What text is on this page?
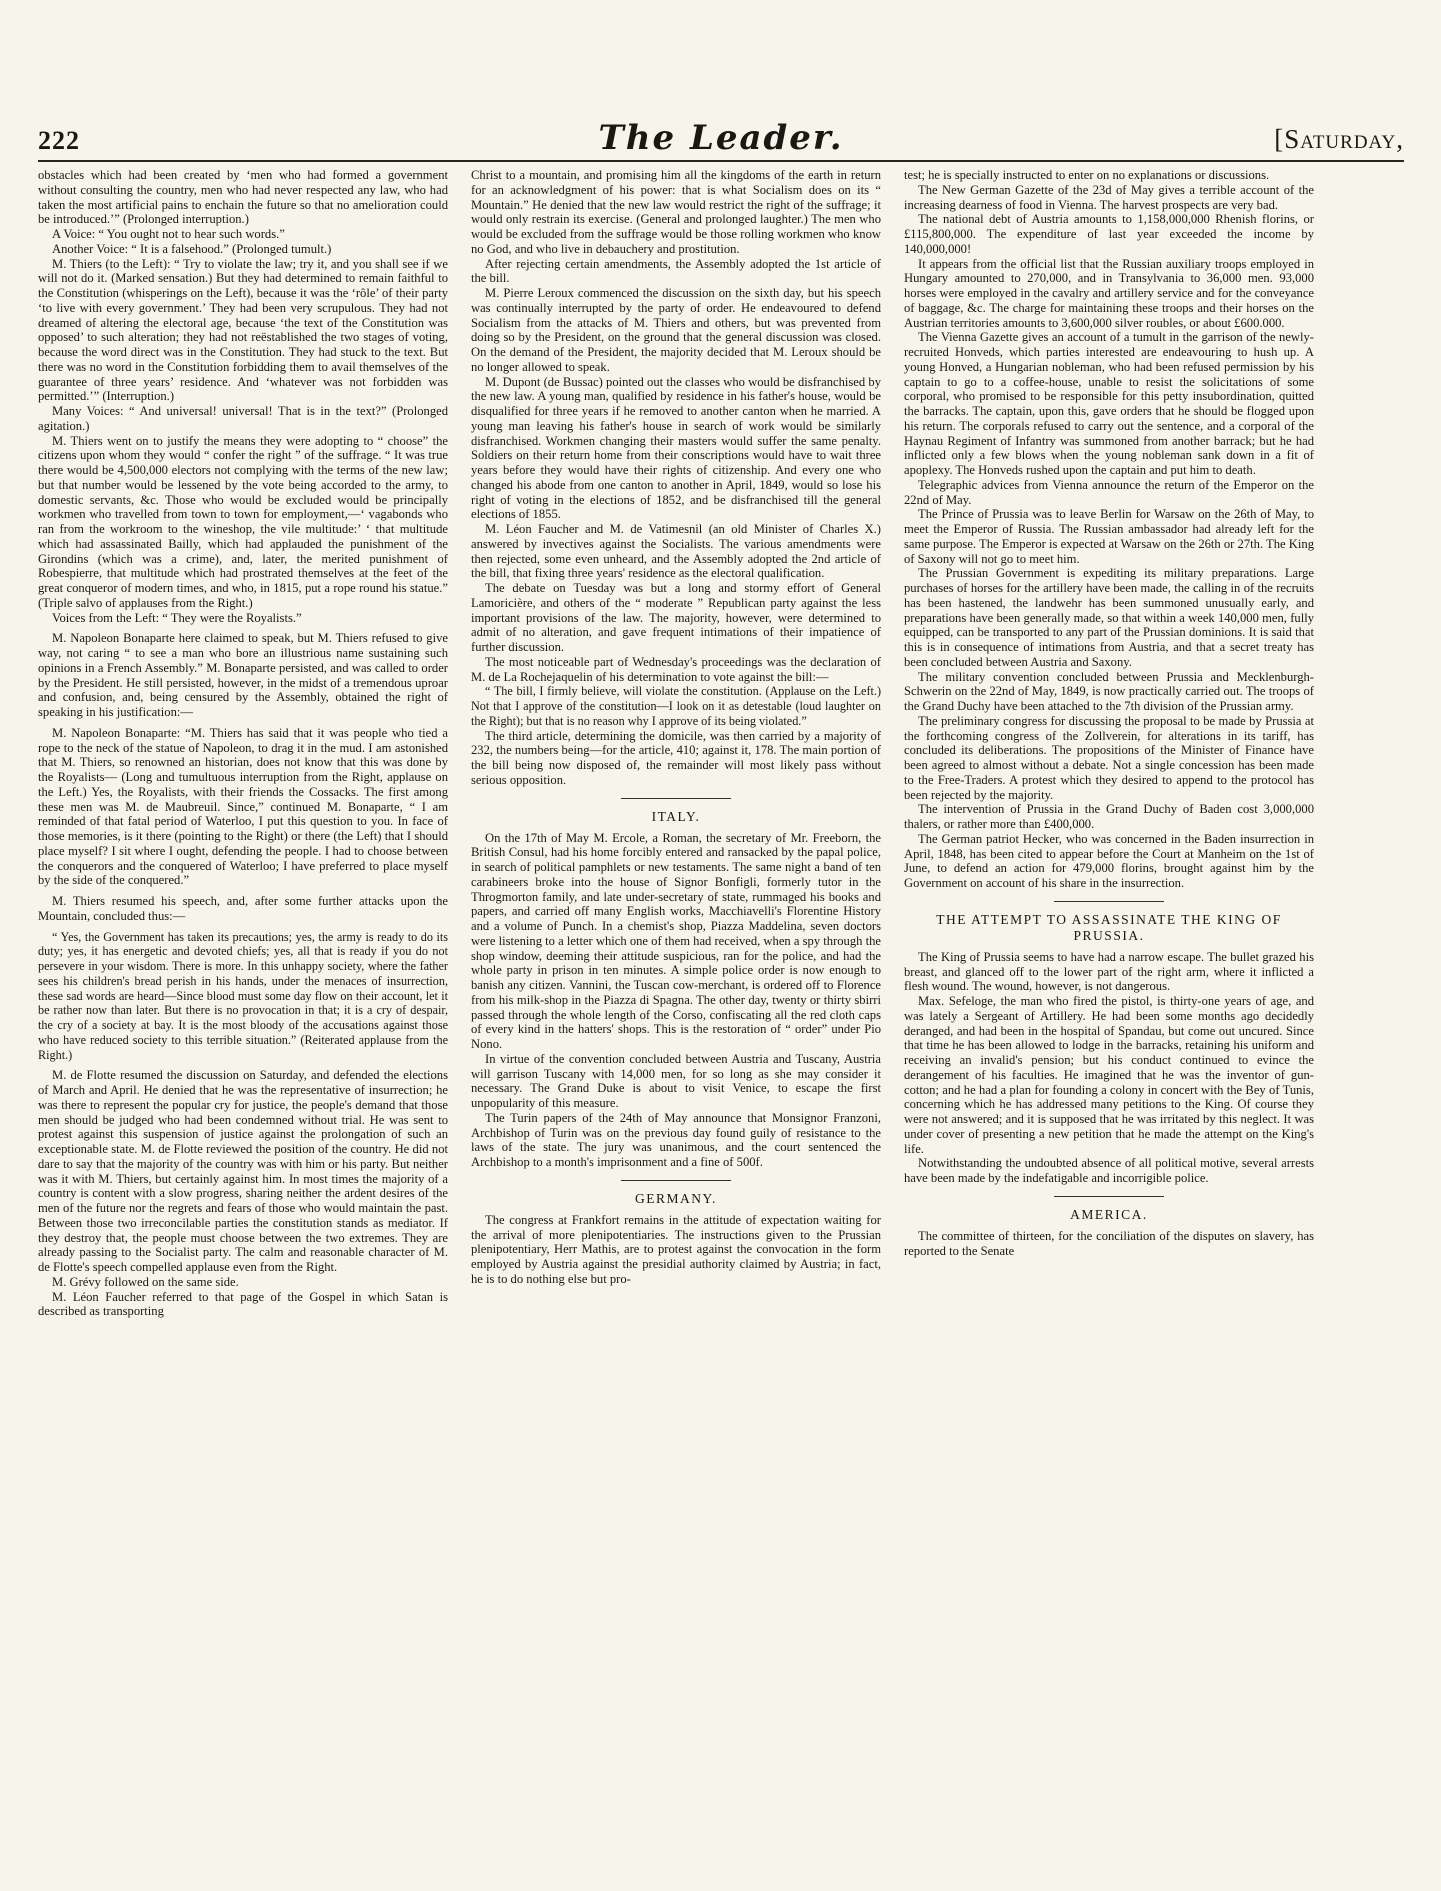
222	The Leader.	[Saturday,

obstacles which had been created by ‘men who had formed a government without consulting the country, men who had never respected any law, who had taken the most artificial pains to enchain the future so that no amelioration could be introduced.’” (Prolonged interruption.)

A Voice: “ You ought not to hear such words.”

Another Voice: “ It is a falsehood.” (Prolonged tumult.)

M. Thiers (to the Left): “ Try to violate the law; try it, and you shall see if we will not do it. (Marked sensation.) But they had determined to remain faithful to the Constitution (whisperings on the Left), because it was the ‘rôle’ of their party ‘to live with every government.’ They had been very scrupulous. They had not dreamed of altering the electoral age, because ‘the text of the Constitution was opposed’ to such alteration; they had not reëstablished the two stages of voting, because the word direct was in the Constitution. They had stuck to the text. But there was no word in the Constitution forbidding them to avail themselves of the guarantee of three years’ residence. And ‘whatever was not forbidden was permitted.’” (Interruption.)

Many Voices: “ And universal! universal! That is in the text?” (Prolonged agitation.)

M. Thiers went on to justify the means they were adopting to “ choose” the citizens upon whom they would “ confer the right ” of the suffrage. “ It was true there would be 4,500,000 electors not complying with the terms of the new law; but that number would be lessened by the vote being accorded to the army, to domestic servants, &c. Those who would be excluded would be principally workmen who travelled from town to town for employment,—‘ vagabonds who ran from the workroom to the wineshop, the vile multitude:’ ‘ that multitude which had assassinated Bailly, which had applauded the punishment of the Girondins (which was a crime), and, later, the merited punishment of Robespierre, that multitude which had prostrated themselves at the feet of the great conqueror of modern times, and who, in 1815, put a rope round his statue.” (Triple salvo of applauses from the Right.)

Voices from the Left: “ They were the Royalists.”

M. Napoleon Bonaparte here claimed to speak, but M. Thiers refused to give way, not caring “ to see a man who bore an illustrious name sustaining such opinions in a French Assembly.” M. Bonaparte persisted, and was called to order by the President. He still persisted, however, in the midst of a tremendous uproar and confusion, and, being censured by the Assembly, obtained the right of speaking in his justification:—

M. Napoleon Bonaparte: “M. Thiers has said that it was people who tied a rope to the neck of the statue of Napoleon, to drag it in the mud. I am astonished that M. Thiers, so renowned an historian, does not know that this was done by the Royalists— (Long and tumultuous interruption from the Right, applause on the Left.) Yes, the Royalists, with their friends the Cossacks. The first among these men was M. de Maubreuil. Since,” continued M. Bonaparte, “ I am reminded of that fatal period of Waterloo, I put this question to you. In face of those memories, is it there (pointing to the Right) or there (the Left) that I should place myself? I sit where I ought, defending the people. I had to choose between the conquerors and the conquered of Waterloo; I have preferred to place myself by the side of the conquered.”

M. Thiers resumed his speech, and, after some further attacks upon the Mountain, concluded thus:—

“ Yes, the Government has taken its precautions; yes, the army is ready to do its duty; yes, it has energetic and devoted chiefs; yes, all that is ready if you do not persevere in your wisdom. There is more. In this unhappy society, where the father sees his children's bread perish in his hands, under the menaces of insurrection, these sad words are heard—Since blood must some day flow on their account, let it be rather now than later. But there is no provocation in that; it is a cry of despair, the cry of a society at bay. It is the most bloody of the accusations against those who have reduced society to this terrible situation.” (Reiterated applause from the Right.)

M. de Flotte resumed the discussion on Saturday, and defended the elections of March and April. He denied that he was the representative of insurrection; he was there to represent the popular cry for justice, the people's demand that those men should be judged who had been condemned without trial. He was sent to protest against this suspension of justice against the prolongation of such an exceptionable state. M. de Flotte reviewed the position of the country. He did not dare to say that the majority of the country was with him or his party. But neither was it with M. Thiers, but certainly against him. In most times the majority of a country is content with a slow progress, sharing neither the ardent desires of the men of the future nor the regrets and fears of those who would maintain the past. Between those two irreconcilable parties the constitution stands as mediator. If they destroy that, the people must choose between the two extremes. They are already passing to the Socialist party. The calm and reasonable character of M. de Flotte's speech compelled applause even from the Right.

M. Grévy followed on the same side.

M. Léon Faucher referred to that page of the Gospel in which Satan is described as transporting

Christ to a mountain, and promising him all the kingdoms of the earth in return for an acknowledgment of his power: that is what Socialism does on its “ Mountain.” He denied that the new law would restrict the right of the suffrage; it would only restrain its exercise. (General and prolonged laughter.) The men who would be excluded from the suffrage would be those rolling workmen who know no God, and who live in debauchery and prostitution.

After rejecting certain amendments, the Assembly adopted the 1st article of the bill.

M. Pierre Leroux commenced the discussion on the sixth day, but his speech was continually interrupted by the party of order. He endeavoured to defend Socialism from the attacks of M. Thiers and others, but was prevented from doing so by the President, on the ground that the general discussion was closed. On the demand of the President, the majority decided that M. Leroux should be no longer allowed to speak.

M. Dupont (de Bussac) pointed out the classes who would be disfranchised by the new law. A young man, qualified by residence in his father's house, would be disqualified for three years if he removed to another canton when he married. A young man leaving his father's house in search of work would be similarly disfranchised. Workmen changing their masters would suffer the same penalty. Soldiers on their return home from their conscriptions would have to wait three years before they would have their rights of citizenship. And every one who changed his abode from one canton to another in April, 1849, would so lose his right of voting in the elections of 1852, and be disfranchised till the general elections of 1855.

M. Léon Faucher and M. de Vatimesnil (an old Minister of Charles X.) answered by invectives against the Socialists. The various amendments were then rejected, some even unheard, and the Assembly adopted the 2nd article of the bill, that fixing three years' residence as the electoral qualification.

The debate on Tuesday was but a long and stormy effort of General Lamoricière, and others of the “ moderate ” Republican party against the less important provisions of the law. The majority, however, were determined to admit of no alteration, and gave frequent intimations of their impatience of further discussion.

The most noticeable part of Wednesday's proceedings was the declaration of M. de La Rochejaquelin of his determination to vote against the bill:—

“ The bill, I firmly believe, will violate the constitution. (Applause on the Left.) Not that I approve of the constitution—I look on it as detestable (loud laughter on the Right); but that is no reason why I approve of its being violated.”

The third article, determining the domicile, was then carried by a majority of 232, the numbers being—for the article, 410; against it, 178. The main portion of the bill being now disposed of, the remainder will most likely pass without serious opposition.

ITALY.

On the 17th of May M. Ercole, a Roman, the secretary of Mr. Freeborn, the British Consul, had his home forcibly entered and ransacked by the papal police, in search of political pamphlets or new testaments. The same night a band of ten carabineers broke into the house of Signor Bonfigli, formerly tutor in the Throgmorton family, and late under-secretary of state, rummaged his books and papers, and carried off many English works, Macchiavelli's Florentine History and a volume of Punch. In a chemist's shop, Piazza Maddelina, seven doctors were listening to a letter which one of them had received, when a spy through the shop window, deeming their attitude suspicious, ran for the police, and had the whole party in prison in ten minutes. A simple police order is now enough to banish any citizen. Vannini, the Tuscan cow-merchant, is ordered off to Florence from his milk-shop in the Piazza di Spagna. The other day, twenty or thirty sbirri passed through the whole length of the Corso, confiscating all the red cloth caps of every kind in the hatters' shops. This is the restoration of “ order” under Pio Nono.

In virtue of the convention concluded between Austria and Tuscany, Austria will garrison Tuscany with 14,000 men, for so long as she may consider it necessary. The Grand Duke is about to visit Venice, to escape the first unpopularity of this measure.

The Turin papers of the 24th of May announce that Monsignor Franzoni, Archbishop of Turin was on the previous day found guily of resistance to the laws of the state. The jury was unanimous, and the court sentenced the Archbishop to a month's imprisonment and a fine of 500f.

GERMANY.

The congress at Frankfort remains in the attitude of expectation waiting for the arrival of more plenipotentiaries. The instructions given to the Prussian plenipotentiary, Herr Mathis, are to protest against the convocation in the form employed by Austria against the presidial authority claimed by Austria; in fact, he is to do nothing else but pro-

test; he is specially instructed to enter on no explanations or discussions.

The New German Gazette of the 23d of May gives a terrible account of the increasing dearness of food in Vienna. The harvest prospects are very bad.

The national debt of Austria amounts to 1,158,000,000 Rhenish florins, or £115,800,000. The expenditure of last year exceeded the income by 140,000,000!

It appears from the official list that the Russian auxiliary troops employed in Hungary amounted to 270,000, and in Transylvania to 36,000 men. 93,000 horses were employed in the cavalry and artillery service and for the conveyance of baggage, &c. The charge for maintaining these troops and their horses on the Austrian territories amounts to 3,600,000 silver roubles, or about £600.000.

The Vienna Gazette gives an account of a tumult in the garrison of the newly-recruited Honveds, which parties interested are endeavouring to hush up. A young Honved, a Hungarian nobleman, who had been refused permission by his captain to go to a coffee-house, unable to resist the solicitations of some corporal, who promised to be responsible for this petty insubordination, quitted the barracks. The captain, upon this, gave orders that he should be flogged upon his return. The corporals refused to carry out the sentence, and a corporal of the Haynau Regiment of Infantry was summoned from another barrack; but he had inflicted only a few blows when the young nobleman sank down in a fit of apoplexy. The Honveds rushed upon the captain and put him to death.

Telegraphic advices from Vienna announce the return of the Emperor on the 22nd of May.

The Prince of Prussia was to leave Berlin for Warsaw on the 26th of May, to meet the Emperor of Russia. The Russian ambassador had already left for the same purpose. The Emperor is expected at Warsaw on the 26th or 27th. The King of Saxony will not go to meet him.

The Prussian Government is expediting its military preparations. Large purchases of horses for the artillery have been made, the calling in of the recruits has been hastened, the landwehr has been summoned unusually early, and preparations have been generally made, so that within a week 140,000 men, fully equipped, can be transported to any part of the Prussian dominions. It is said that this is in consequence of intimations from Austria, and that a secret treaty has been concluded between Austria and Saxony.

The military convention concluded between Prussia and Mecklenburgh-Schwerin on the 22nd of May, 1849, is now practically carried out. The troops of the Grand Duchy have been attached to the 7th division of the Prussian army.

The preliminary congress for discussing the proposal to be made by Prussia at the forthcoming congress of the Zollverein, for alterations in its tariff, has concluded its deliberations. The propositions of the Minister of Finance have been agreed to almost without a debate. Not a single concession has been made to the Free-Traders. A protest which they desired to append to the protocol has been rejected by the majority.

The intervention of Prussia in the Grand Duchy of Baden cost 3,000,000 thalers, or rather more than £400,000.

The German patriot Hecker, who was concerned in the Baden insurrection in April, 1848, has been cited to appear before the Court at Manheim on the 1st of June, to defend an action for 479,000 florins, brought against him by the Government on account of his share in the insurrection.

THE ATTEMPT TO ASSASSINATE THE KING OF PRUSSIA.

The King of Prussia seems to have had a narrow escape. The bullet grazed his breast, and glanced off to the lower part of the right arm, where it inflicted a flesh wound. The wound, however, is not dangerous.

Max. Sefeloge, the man who fired the pistol, is thirty-one years of age, and was lately a Sergeant of Artillery. He had been some months ago decidedly deranged, and had been in the hospital of Spandau, but come out uncured. Since that time he has been allowed to lodge in the barracks, retaining his uniform and receiving an invalid's pension; but his conduct continued to evince the derangement of his faculties. He imagined that he was the inventor of gun-cotton; and he had a plan for founding a colony in concert with the Bey of Tunis, concerning which he has addressed many petitions to the King. Of course they were not answered; and it is supposed that he was irritated by this neglect. It was under cover of presenting a new petition that he made the attempt on the King's life.

Notwithstanding the undoubted absence of all political motive, several arrests have been made by the indefatigable and incorrigible police.

AMERICA.

The committee of thirteen, for the conciliation of the disputes on slavery, has reported to the Senate
